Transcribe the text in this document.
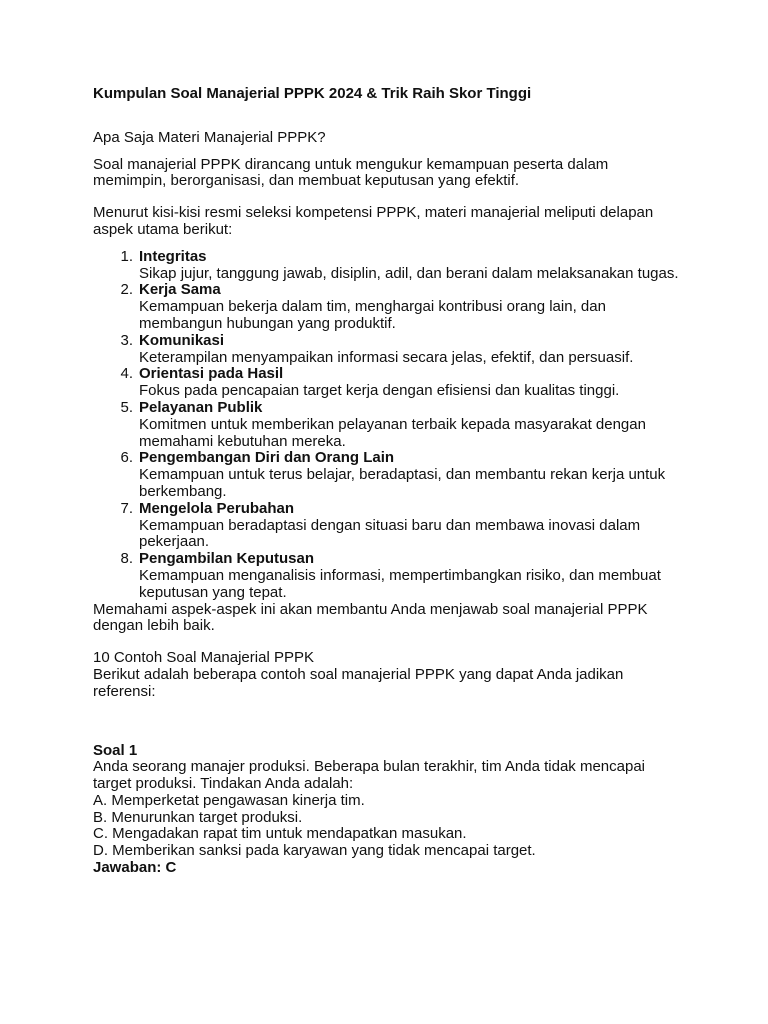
Kumpulan Soal Manajerial PPPK 2024 & Trik Raih Skor Tinggi
Apa Saja Materi Manajerial PPPK?

Soal manajerial PPPK dirancang untuk mengukur kemampuan peserta dalam memimpin, berorganisasi, dan membuat keputusan yang efektif.

Menurut kisi-kisi resmi seleksi kompetensi PPPK, materi manajerial meliputi delapan aspek utama berikut:

1. Integritas
Sikap jujur, tanggung jawab, disiplin, adil, dan berani dalam melaksanakan tugas.
2. Kerja Sama
Kemampuan bekerja dalam tim, menghargai kontribusi orang lain, dan membangun hubungan yang produktif.
3. Komunikasi
Keterampilan menyampaikan informasi secara jelas, efektif, dan persuasif.
4. Orientasi pada Hasil
Fokus pada pencapaian target kerja dengan efisiensi dan kualitas tinggi.
5. Pelayanan Publik
Komitmen untuk memberikan pelayanan terbaik kepada masyarakat dengan memahami kebutuhan mereka.
6. Pengembangan Diri dan Orang Lain
Kemampuan untuk terus belajar, beradaptasi, dan membantu rekan kerja untuk berkembang.
7. Mengelola Perubahan
Kemampuan beradaptasi dengan situasi baru dan membawa inovasi dalam pekerjaan.
8. Pengambilan Keputusan
Kemampuan menganalisis informasi, mempertimbangkan risiko, dan membuat keputusan yang tepat.

Memahami aspek-aspek ini akan membantu Anda menjawab soal manajerial PPPK dengan lebih baik.

10 Contoh Soal Manajerial PPPK

Berikut adalah beberapa contoh soal manajerial PPPK yang dapat Anda jadikan referensi:

Soal 1

Anda seorang manajer produksi. Beberapa bulan terakhir, tim Anda tidak mencapai target produksi. Tindakan Anda adalah:

A. Memperketat pengawasan kinerja tim.
B. Menurunkan target produksi.
C. Mengadakan rapat tim untuk mendapatkan masukan.
D. Memberikan sanksi pada karyawan yang tidak mencapai target.
Jawaban: C
